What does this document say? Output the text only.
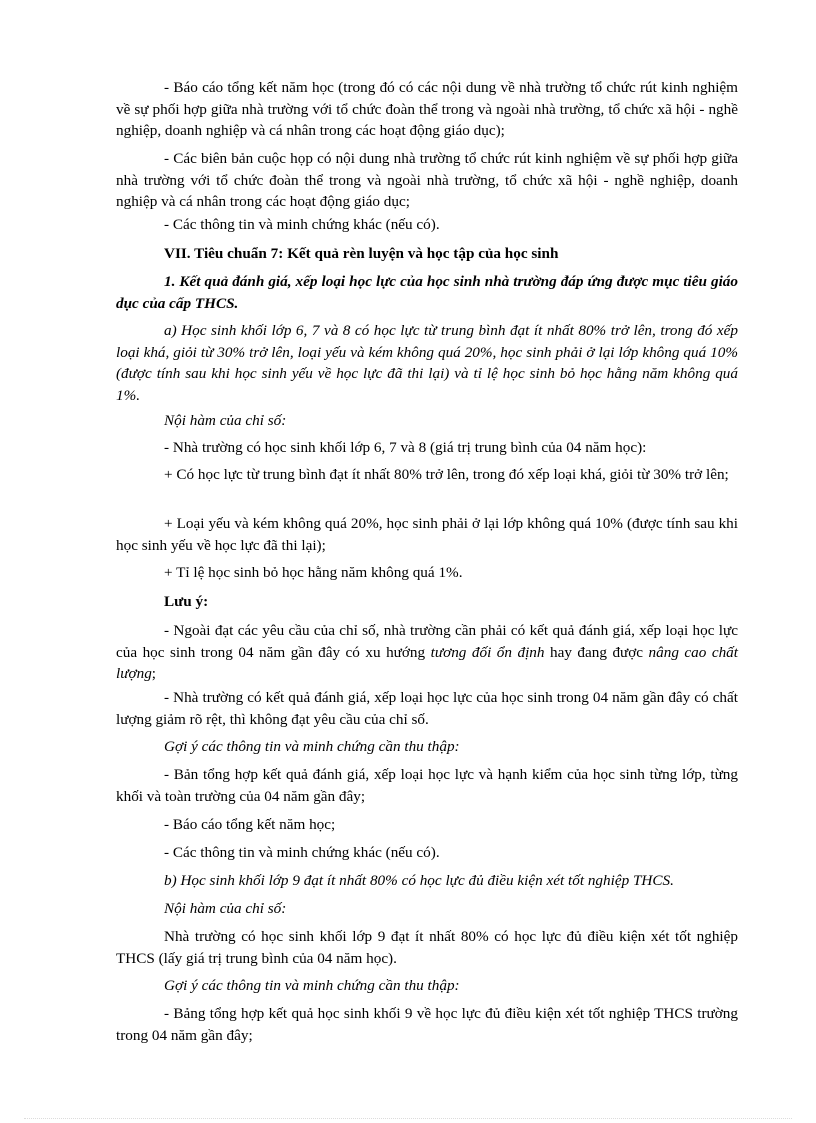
- Báo cáo tổng kết năm học (trong đó có các nội dung về nhà trường tổ chức rút kinh nghiệm về sự phối hợp giữa nhà trường với tổ chức đoàn thể trong và ngoài nhà trường, tổ chức xã hội - nghề nghiệp, doanh nghiệp và cá nhân trong các hoạt động giáo dục);

- Các biên bản cuộc họp có nội dung nhà trường tổ chức rút kinh nghiệm về sự phối hợp giữa nhà trường với tổ chức đoàn thể trong và ngoài nhà trường, tổ chức xã hội - nghề nghiệp, doanh nghiệp và cá nhân trong các hoạt động giáo dục;

- Các thông tin và minh chứng khác (nếu có).

VII. Tiêu chuẩn 7: Kết quả rèn luyện và học tập của học sinh

1. Kết quả đánh giá, xếp loại học lực của học sinh nhà trường đáp ứng được mục tiêu giáo dục của cấp THCS.

a) Học sinh khối lớp 6, 7 và 8 có học lực từ trung bình đạt ít nhất 80% trở lên, trong đó xếp loại khá, giỏi từ 30% trở lên, loại yếu và kém không quá 20%, học sinh phải ở lại lớp không quá 10% (được tính sau khi học sinh yếu về học lực đã thi lại) và tỉ lệ học sinh bỏ học hằng năm không quá 1%.

Nội hàm của chỉ số:

- Nhà trường có học sinh khối lớp 6, 7 và 8 (giá trị trung bình của 04 năm học):

+ Có học lực từ trung bình đạt ít nhất 80% trở lên, trong đó xếp loại khá, giỏi từ 30% trở lên;

+ Loại yếu và kém không quá 20%, học sinh phải ở lại lớp không quá 10% (được tính sau khi học sinh yếu về học lực đã thi lại);

+ Tỉ lệ học sinh bỏ học hằng năm không quá 1%.

Lưu ý:

- Ngoài đạt các yêu cầu của chỉ số, nhà trường cần phải có kết quả đánh giá, xếp loại học lực của học sinh trong 04 năm gần đây có xu hướng tương đối ổn định hay đang được nâng cao chất lượng;

- Nhà trường có kết quả đánh giá, xếp loại học lực của học sinh trong 04 năm gần đây có chất lượng giảm rõ rệt, thì không đạt yêu cầu của chỉ số.

Gợi ý các thông tin và minh chứng cần thu thập:

- Bản tổng hợp kết quả đánh giá, xếp loại học lực và hạnh kiểm của học sinh từng lớp, từng khối và toàn trường của 04 năm gần đây;

- Báo cáo tổng kết năm học;

- Các thông tin và minh chứng khác (nếu có).

b) Học sinh khối lớp 9 đạt ít nhất 80% có học lực đủ điều kiện xét tốt nghiệp THCS.

Nội hàm của chỉ số:

Nhà trường có học sinh khối lớp 9 đạt ít nhất 80% có học lực đủ điều kiện xét tốt nghiệp THCS (lấy giá trị trung bình của 04 năm học).

Gợi ý các thông tin và minh chứng cần thu thập:

- Bảng tổng hợp kết quả học sinh khối 9 về học lực đủ điều kiện xét tốt nghiệp THCS trường trong 04 năm gần đây;
